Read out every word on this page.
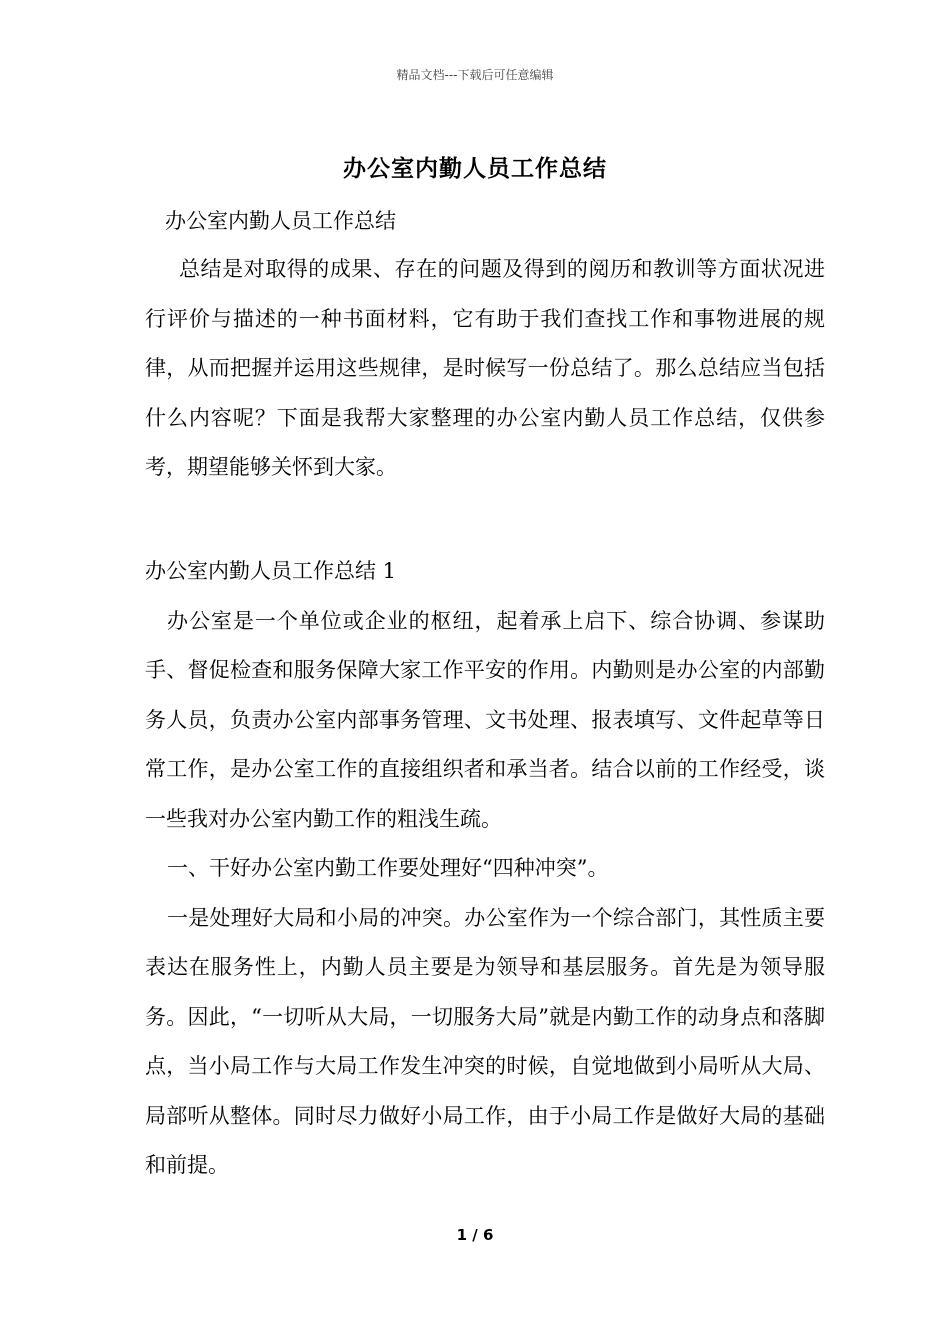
精品文档---下载后可任意编辑
办公室内勤人员工作总结
办公室内勤人员工作总结

总结是对取得的成果、存在的问题及得到的阅历和教训等方面状况进行评价与描述的一种书面材料，它有助于我们查找工作和事物进展的规律，从而把握并运用这些规律，是时候写一份总结了。那么总结应当包括什么内容呢？下面是我帮大家整理的办公室内勤人员工作总结，仅供参考，期望能够关怀到大家。

办公室内勤人员工作总结 1

办公室是一个单位或企业的枢纽，起着承上启下、综合协调、参谋助手、督促检查和服务保障大家工作平安的作用。内勤则是办公室的内部勤务人员，负责办公室内部事务管理、文书处理、报表填写、文件起草等日常工作，是办公室工作的直接组织者和承当者。结合以前的工作经受，谈一些我对办公室内勤工作的粗浅生疏。

一、干好办公室内勤工作要处理好“四种冲突”。

一是处理好大局和小局的冲突。办公室作为一个综合部门，其性质主要表达在服务性上，内勤人员主要是为领导和基层服务。首先是为领导服务。因此，“一切听从大局，一切服务大局”就是内勤工作的动身点和落脚点，当小局工作与大局工作发生冲突的时候，自觉地做到小局听从大局、局部听从整体。同时尽力做好小局工作，由于小局工作是做好大局的基础和前提。

1 / 6
